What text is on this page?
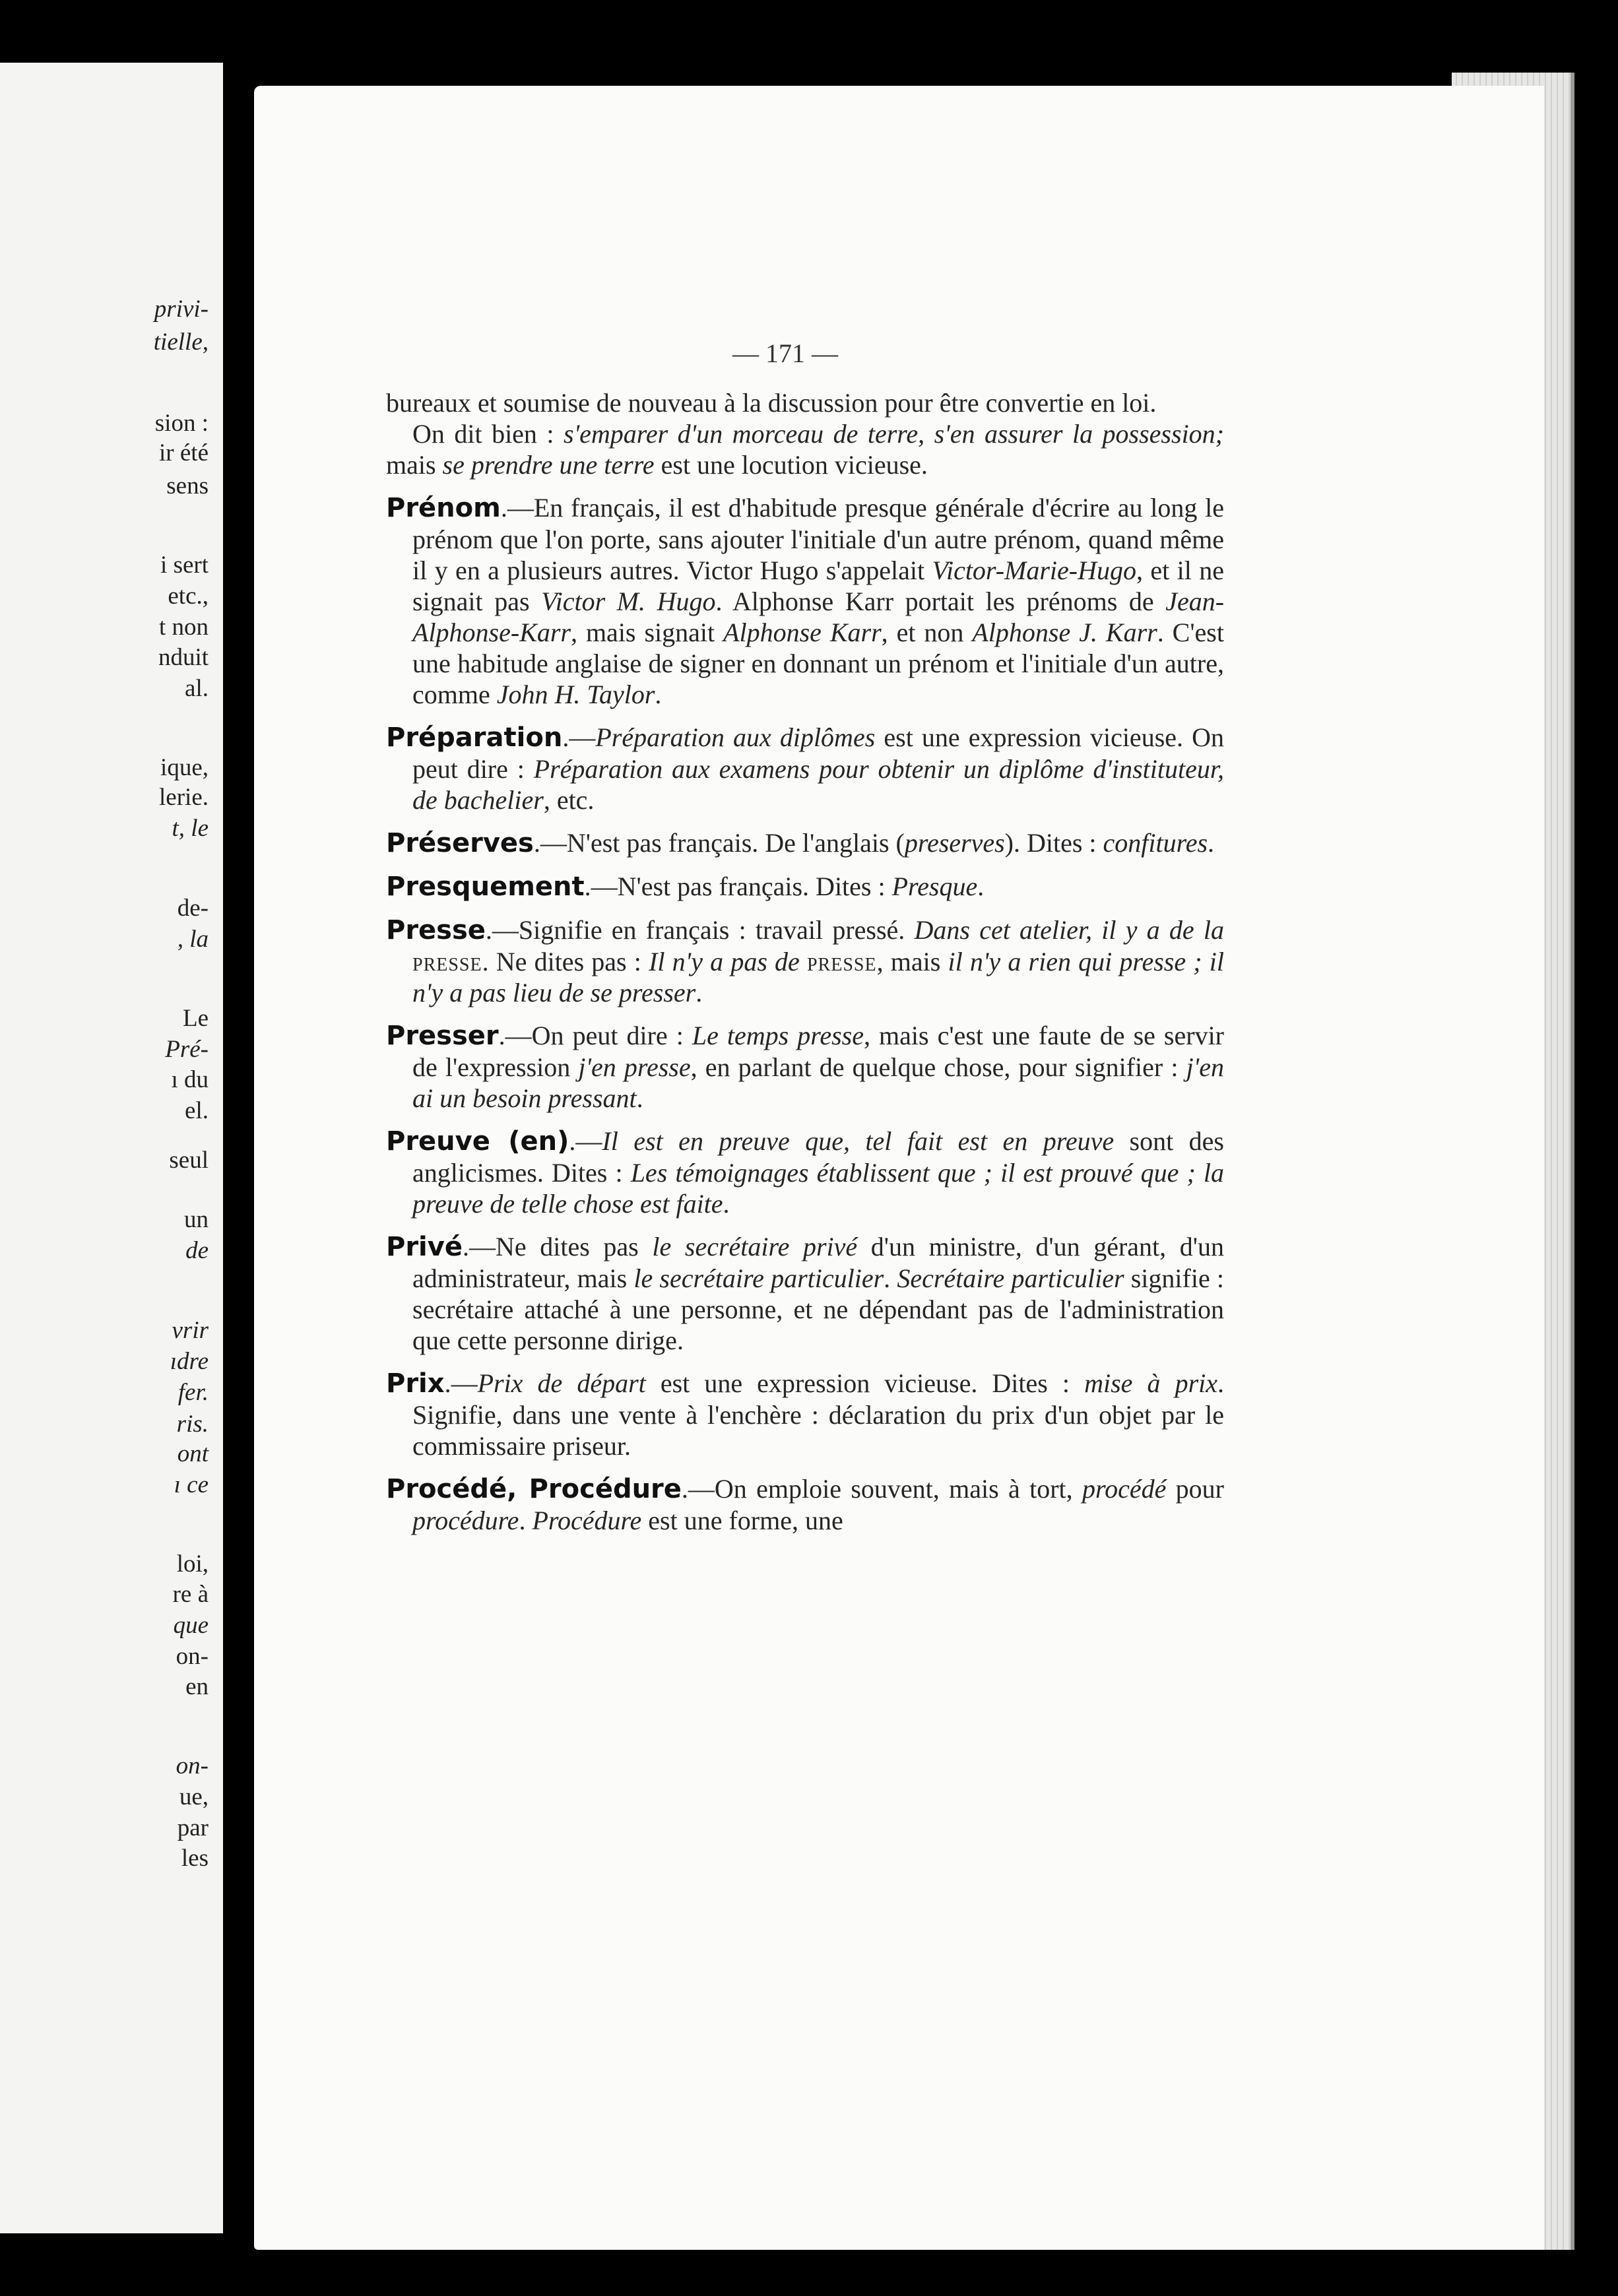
privi-
tielle,
sion :
ir été
sens
i sert
etc.,
t non
nduit
al.
ique,
lerie.
t, le
de-
, la
Le
Pré-
ı du
el.
seul
un
de
vrir
ıdre
fer.
ris.
ont
ı ce
loi,
re à
que
on-
en
on-
ue,
par
les
— 171 —

bureaux et soumise de nouveau à la discussion pour être convertie en loi.

On dit bien : s'emparer d'un morceau de terre, s'en assurer la possession; mais se prendre une terre est une locution vicieuse.

Prénom.—En français, il est d'habitude presque générale d'écrire au long le prénom que l'on porte, sans ajouter l'initiale d'un autre prénom, quand même il y en a plusieurs autres. Victor Hugo s'appelait Victor-Marie-Hugo, et il ne signait pas Victor M. Hugo. Alphonse Karr portait les prénoms de Jean-Alphonse-Karr, mais signait Alphonse Karr, et non Alphonse J. Karr. C'est une habitude anglaise de signer en donnant un prénom et l'initiale d'un autre, comme John H. Taylor.

Préparation.—Préparation aux diplômes est une expression vicieuse. On peut dire : Préparation aux examens pour obtenir un diplôme d'instituteur, de bachelier, etc.

Préserves.—N'est pas français. De l'anglais (preserves). Dites : confitures.

Presquement.—N'est pas français. Dites : Presque.

Presse.—Signifie en français : travail pressé. Dans cet atelier, il y a de la presse. Ne dites pas : Il n'y a pas de presse, mais il n'y a rien qui presse ; il n'y a pas lieu de se presser.

Presser.—On peut dire : Le temps presse, mais c'est une faute de se servir de l'expression j'en presse, en parlant de quelque chose, pour signifier : j'en ai un besoin pressant.

Preuve (en).—Il est en preuve que, tel fait est en preuve sont des anglicismes. Dites : Les témoignages établissent que ; il est prouvé que ; la preuve de telle chose est faite.

Privé.—Ne dites pas le secrétaire privé d'un ministre, d'un gérant, d'un administrateur, mais le secrétaire particulier. Secrétaire particulier signifie : secrétaire attaché à une personne, et ne dépendant pas de l'administration que cette personne dirige.

Prix.—Prix de départ est une expression vicieuse. Dites : mise à prix. Signifie, dans une vente à l'enchère : déclaration du prix d'un objet par le commissaire priseur.

Procédé, Procédure.—On emploie souvent, mais à tort, procédé pour procédure. Procédure est une forme, une
